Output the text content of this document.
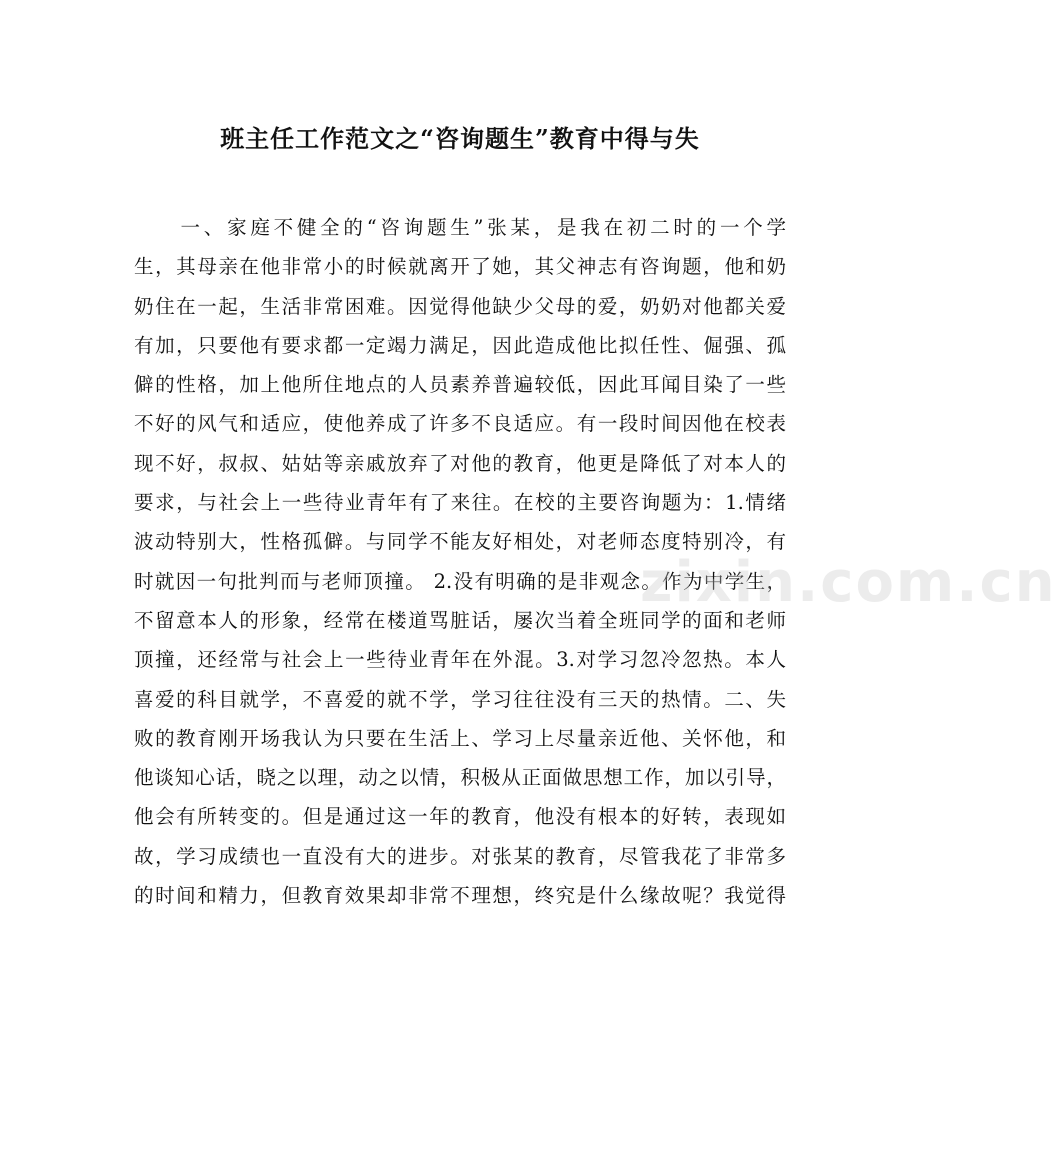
班主任工作范文之“咨询题生”教育中得与失
　　一、家庭不健全的“咨询题生”张某，是我在初二时的一个学
生，其母亲在他非常小的时候就离开了她，其父神志有咨询题，他和奶
奶住在一起，生活非常困难。因觉得他缺少父母的爱，奶奶对他都关爱
有加，只要他有要求都一定竭力满足，因此造成他比拟任性、倔强、孤
僻的性格，加上他所住地点的人员素养普遍较低，因此耳闻目染了一些
不好的风气和适应，使他养成了许多不良适应。有一段时间因他在校表
现不好，叔叔、姑姑等亲戚放弃了对他的教育，他更是降低了对本人的
要求，与社会上一些待业青年有了来往。在校的主要咨询题为：1.情绪
波动特别大，性格孤僻。与同学不能友好相处，对老师态度特别冷，有
时就因一句批判而与老师顶撞。 2.没有明确的是非观念。作为中学生，
不留意本人的形象，经常在楼道骂脏话，屡次当着全班同学的面和老师
顶撞，还经常与社会上一些待业青年在外混。3.对学习忽冷忽热。本人
喜爱的科目就学，不喜爱的就不学，学习往往没有三天的热情。二、失
败的教育刚开场我认为只要在生活上、学习上尽量亲近他、关怀他，和
他谈知心话，晓之以理，动之以情，积极从正面做思想工作，加以引导，
他会有所转变的。但是通过这一年的教育，他没有根本的好转，表现如
故，学习成绩也一直没有大的进步。对张某的教育，尽管我花了非常多
的时间和精力，但教育效果却非常不理想，终究是什么缘故呢？我觉得
zixin.com.cn
